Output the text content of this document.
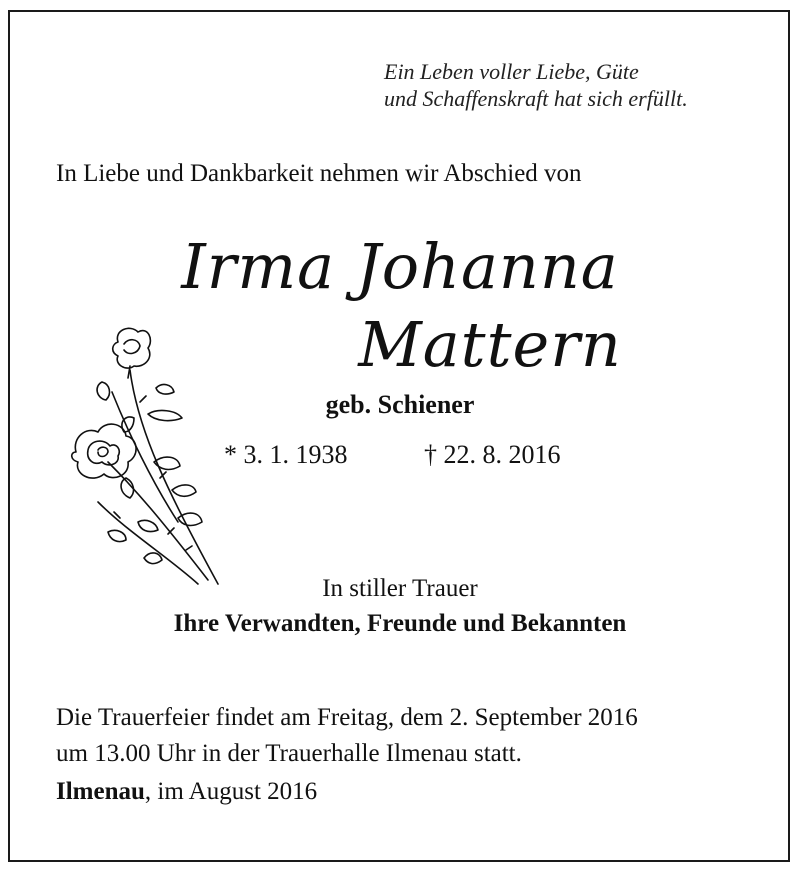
Ein Leben voller Liebe, Güte
und Schaffenskraft hat sich erfüllt.
In Liebe und Dankbarkeit nehmen wir Abschied von
Irma Johanna
Mattern
geb. Schiener
* 3. 1. 1938	† 22. 8. 2016
In stiller Trauer
Ihre Verwandten, Freunde und Bekannten
Die Trauerfeier findet am Freitag, dem 2. September 2016
um 13.00 Uhr in der Trauerhalle Ilmenau statt.
Ilmenau, im August 2016
